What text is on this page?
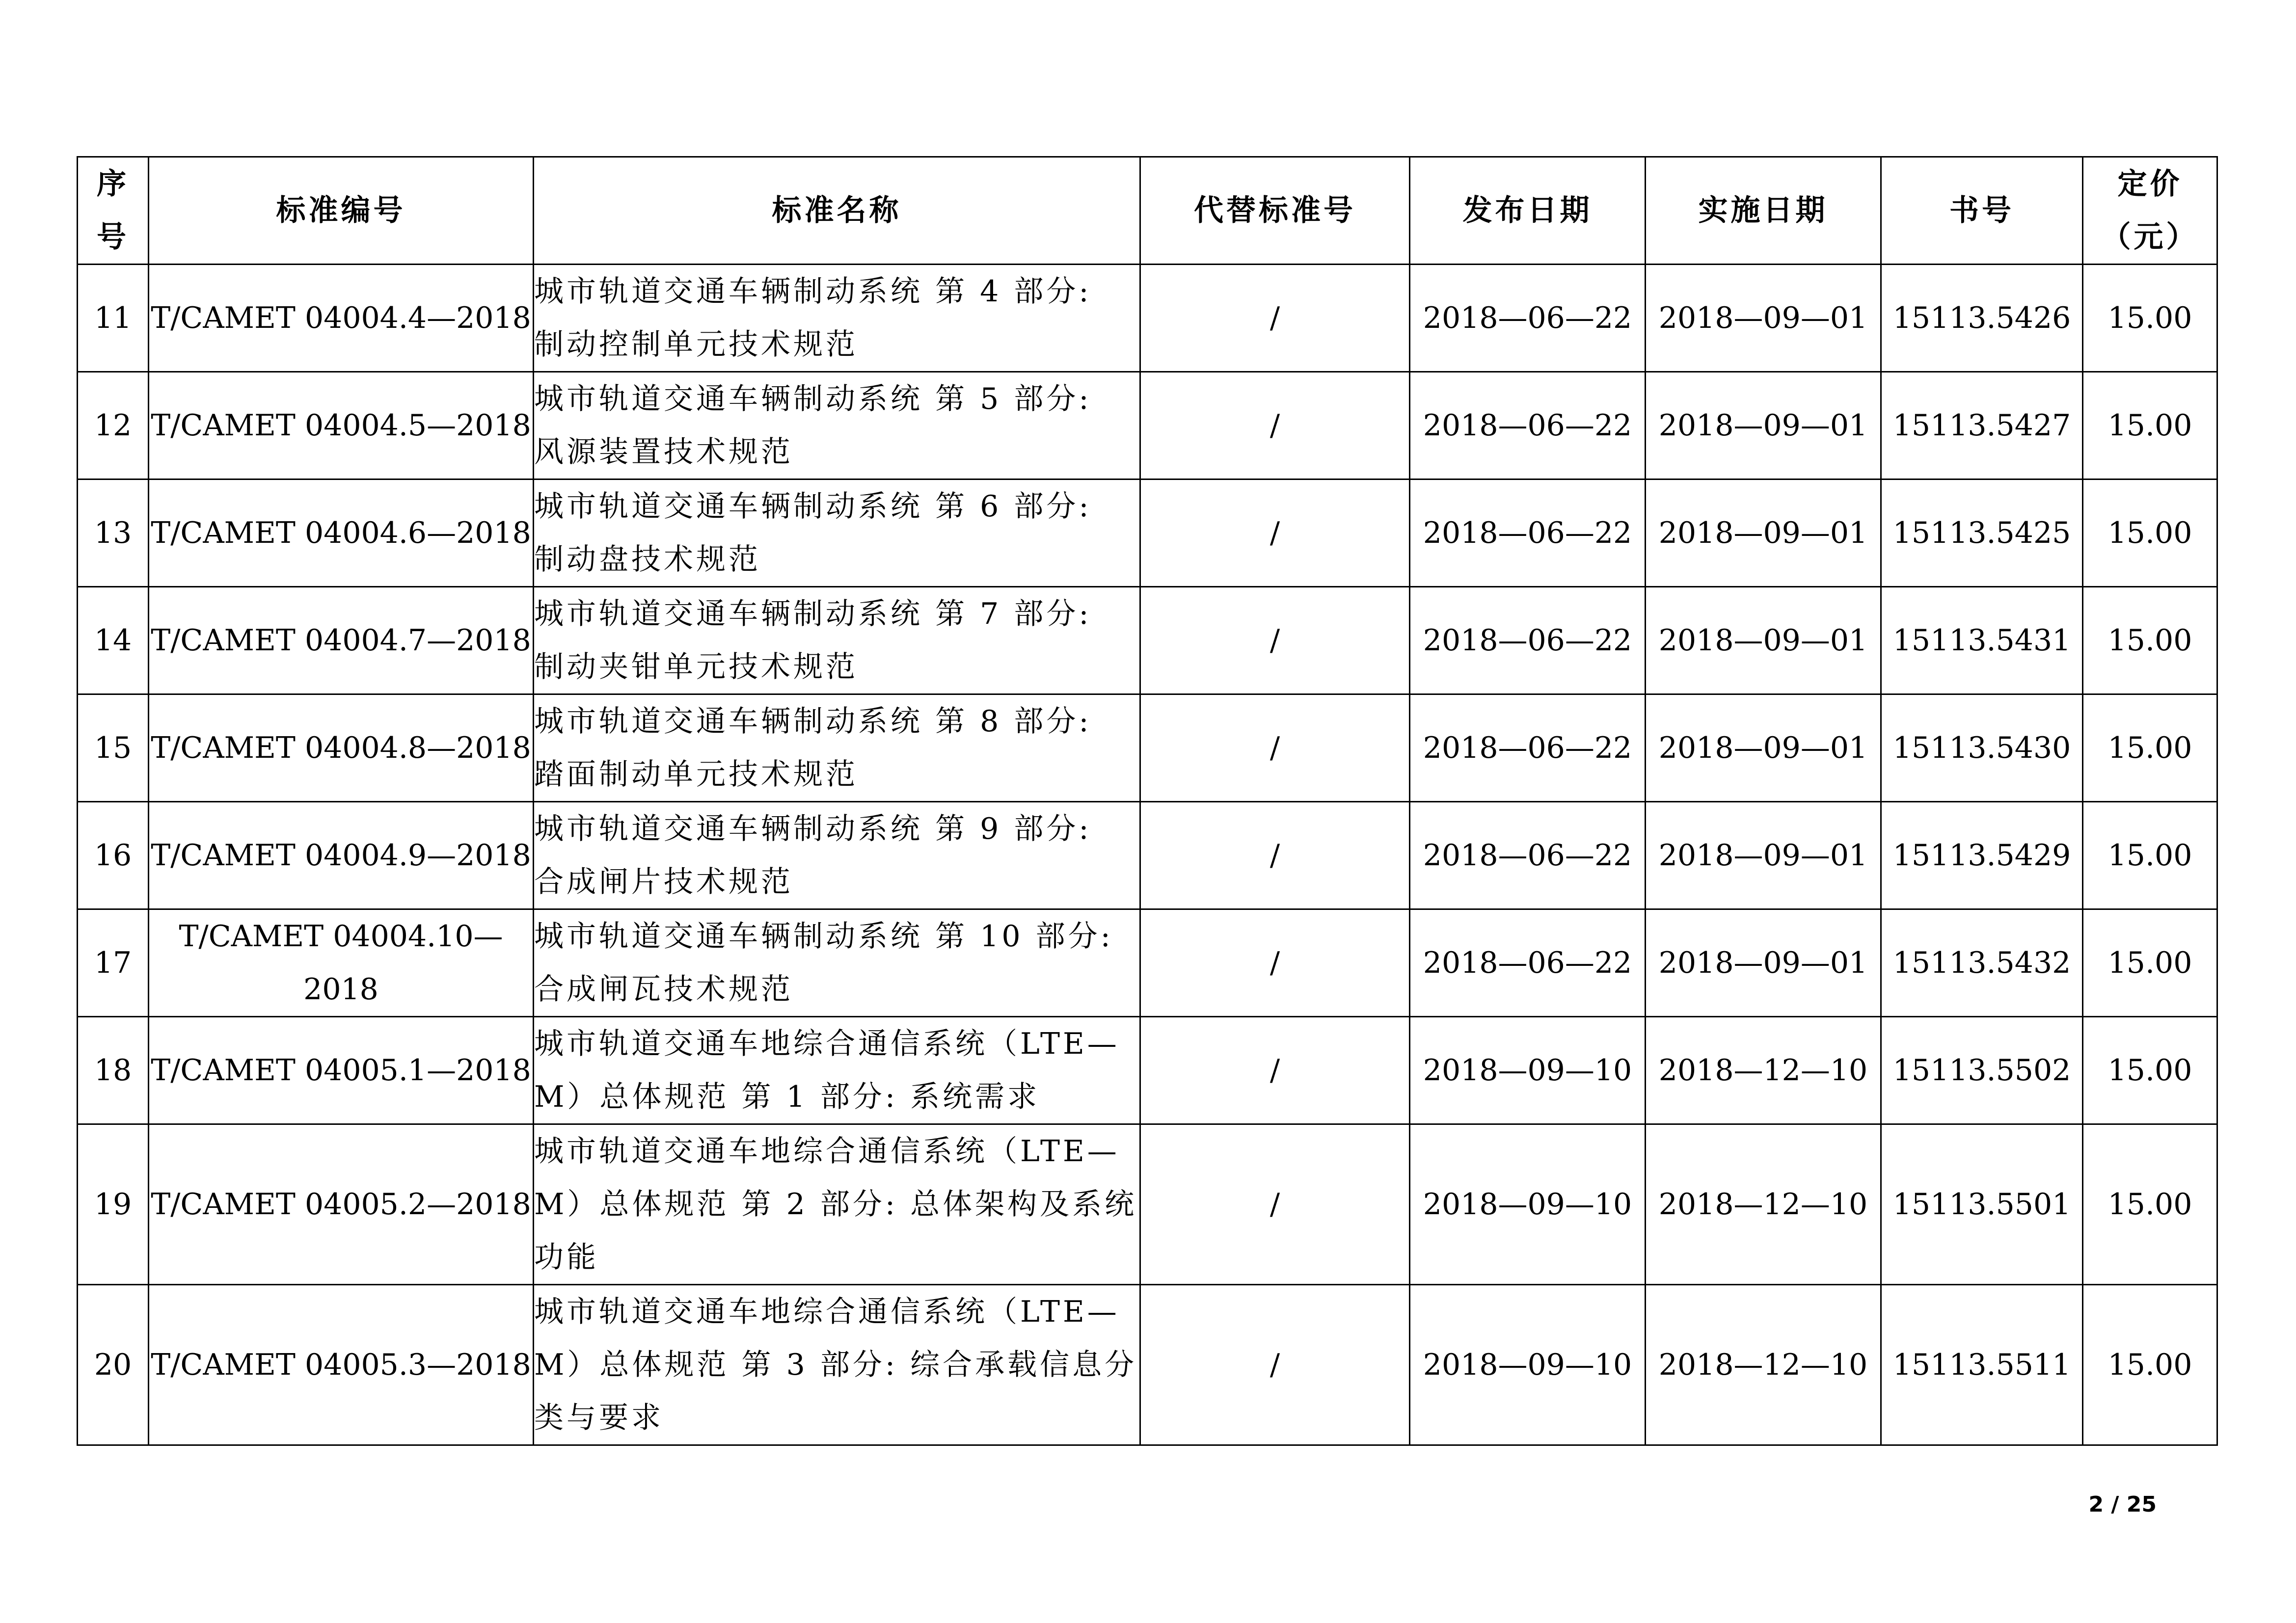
序
号	标准编号	标准名称	代替标准号	发布日期	实施日期	书号	定价
（元）

11	T/CAMET 04004.4—2018	城市轨道交通车辆制动系统 第 4 部分:
制动控制单元技术规范	/	2018—06—22	2018—09—01	15113.5426	15.00
12	T/CAMET 04004.5—2018	城市轨道交通车辆制动系统 第 5 部分:
风源装置技术规范	/	2018—06—22	2018—09—01	15113.5427	15.00
13	T/CAMET 04004.6—2018	城市轨道交通车辆制动系统 第 6 部分:
制动盘技术规范	/	2018—06—22	2018—09—01	15113.5425	15.00
14	T/CAMET 04004.7—2018	城市轨道交通车辆制动系统 第 7 部分:
制动夹钳单元技术规范	/	2018—06—22	2018—09—01	15113.5431	15.00
15	T/CAMET 04004.8—2018	城市轨道交通车辆制动系统 第 8 部分:
踏面制动单元技术规范	/	2018—06—22	2018—09—01	15113.5430	15.00
16	T/CAMET 04004.9—2018	城市轨道交通车辆制动系统 第 9 部分:
合成闸片技术规范	/	2018—06—22	2018—09—01	15113.5429	15.00
17	T/CAMET 04004.10—2018	城市轨道交通车辆制动系统 第 10 部分:
合成闸瓦技术规范	/	2018—06—22	2018—09—01	15113.5432	15.00
18	T/CAMET 04005.1—2018	城市轨道交通车地综合通信系统（LTE—
M）总体规范 第 1 部分: 系统需求	/	2018—09—10	2018—12—10	15113.5502	15.00
19	T/CAMET 04005.2—2018	城市轨道交通车地综合通信系统（LTE—
M）总体规范 第 2 部分: 总体架构及系统
功能	/	2018—09—10	2018—12—10	15113.5501	15.00
20	T/CAMET 04005.3—2018	城市轨道交通车地综合通信系统（LTE—
M）总体规范 第 3 部分: 综合承载信息分
类与要求	/	2018—09—10	2018—12—10	15113.5511	15.00
2 / 25
